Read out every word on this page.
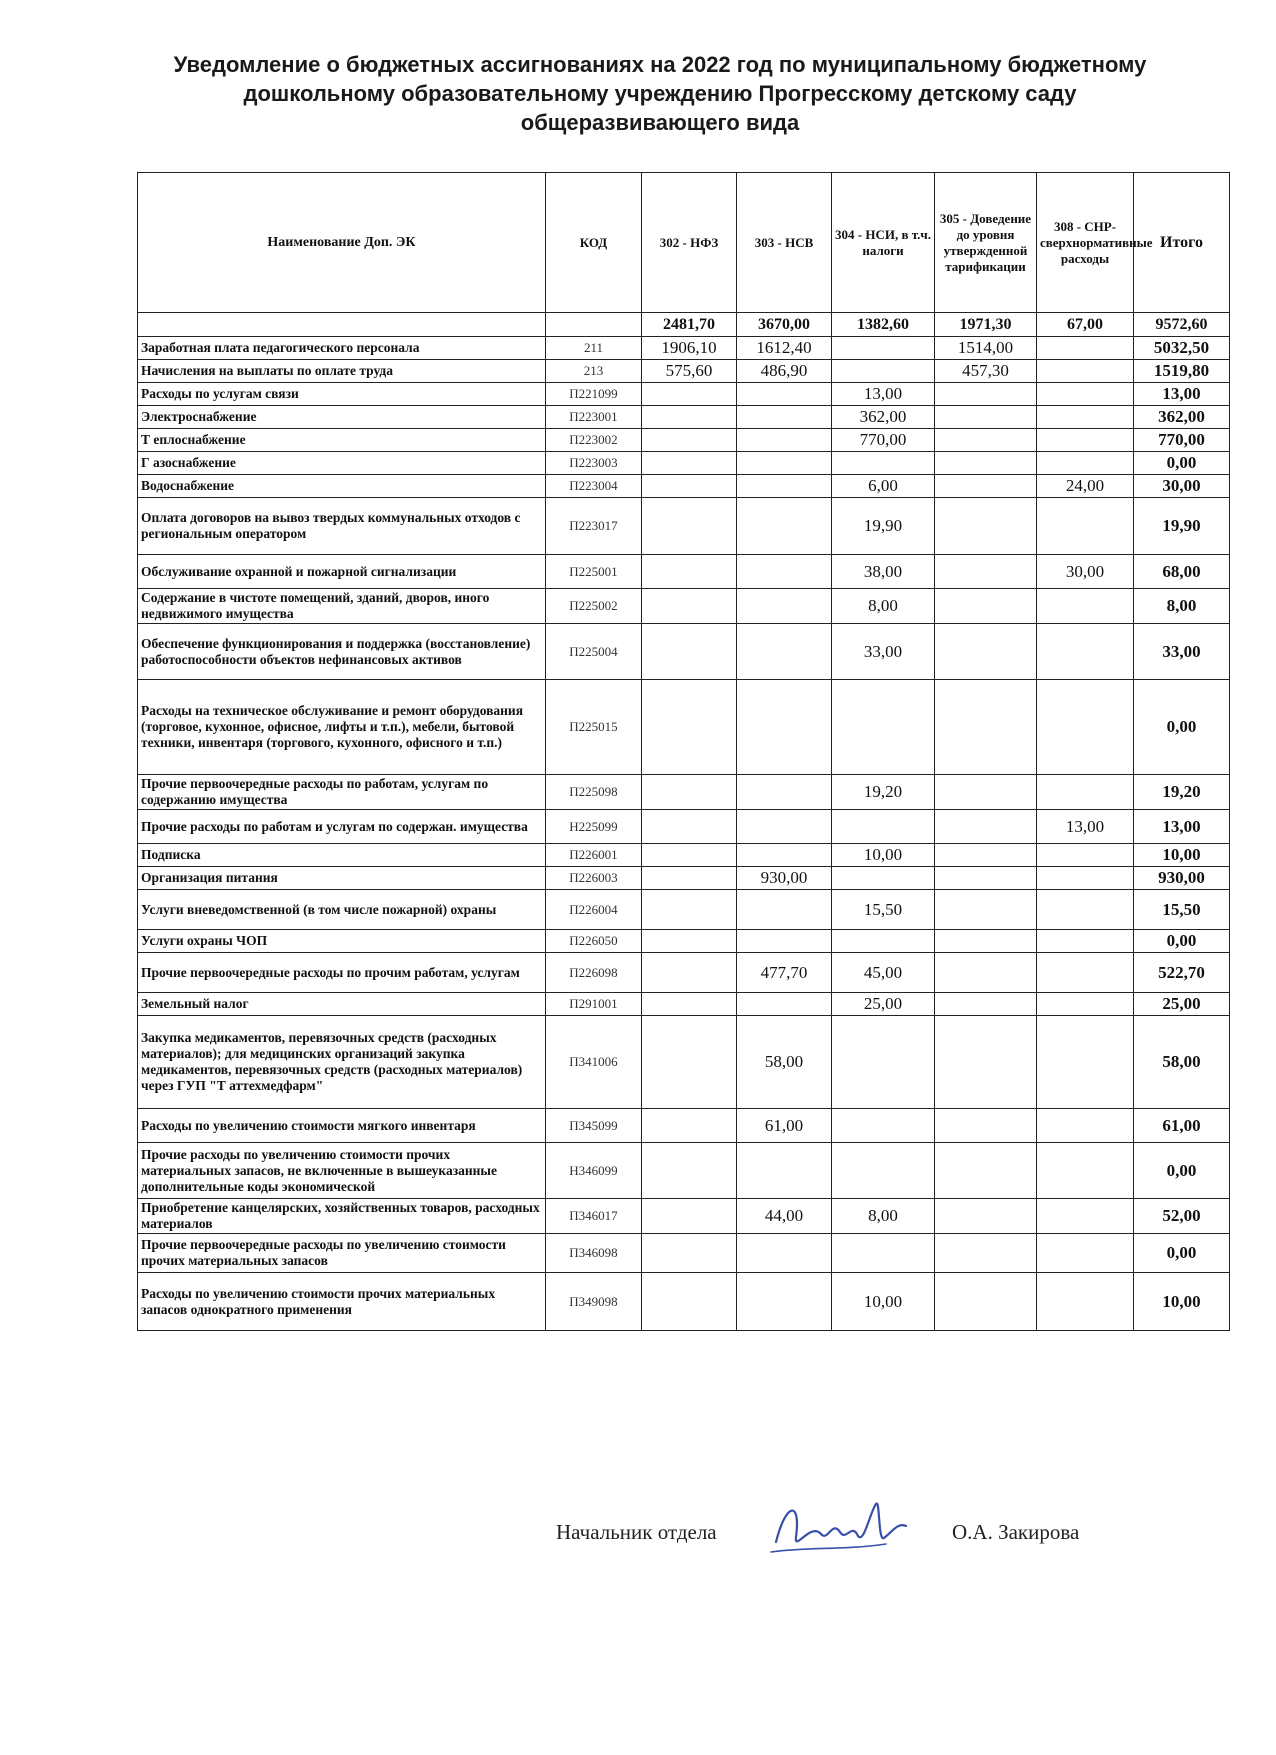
Уведомление о бюджетных ассигнованиях на 2022 год по муниципальному бюджетному
дошкольному образовательному учреждению Прогресскому детскому саду
общеразвивающего вида
Наименование Доп. ЭК	КОД	302 - НФЗ	303 - НСВ	304 - НСИ, в т.ч. налоги	305 - Доведение до уровня утвержденной тарификации	308 - СНР-сверхнормативные расходы	Итого
		2481,70	3670,00	1382,60	1971,30	67,00	9572,60
Заработная плата педагогического персонала	211	1906,10	1612,40		1514,00		5032,50
Начисления на выплаты по оплате труда	213	575,60	486,90		457,30		1519,80
Расходы по услугам связи	П221099			13,00			13,00
Электроснабжение	П223001			362,00			362,00
Т еплоснабжение	П223002			770,00			770,00
Г азоснабжение	П223003						0,00
Водоснабжение	П223004			6,00		24,00	30,00
Оплата договоров на вывоз твердых коммунальных отходов с региональным оператором	П223017			19,90			19,90
Обслуживание охранной и пожарной сигнализации	П225001			38,00		30,00	68,00
Содержание в чистоте помещений, зданий, дворов, иного недвижимого имущества	П225002			8,00			8,00
Обеспечение функционирования и поддержка (восстановление) работоспособности объектов нефинансовых активов	П225004			33,00			33,00
Расходы на техническое обслуживание и ремонт оборудования (торговое, кухонное, офисное, лифты и т.п.), мебели, бытовой техники, инвентаря (торгового, кухонного, офисного и т.п.)	П225015						0,00
Прочие первоочередные расходы по работам, услугам по содержанию имущества	П225098			19,20			19,20
Прочие расходы по работам и услугам по содержан. имущества	Н225099					13,00	13,00
Подписка	П226001			10,00			10,00
Организация питания	П226003		930,00				930,00
Услуги вневедомственной (в том числе пожарной) охраны	П226004			15,50			15,50
Услуги охраны ЧОП	П226050						0,00
Прочие первоочередные расходы по прочим работам, услугам	П226098		477,70	45,00			522,70
Земельный налог	П291001			25,00			25,00
Закупка медикаментов, перевязочных средств (расходных материалов); для медицинских организаций закупка медикаментов, перевязочных средств (расходных материалов) через ГУП "Т аттехмедфарм"	П341006		58,00				58,00
Расходы по увеличению стоимости мягкого инвентаря	П345099		61,00				61,00
Прочие расходы по увеличению стоимости прочих материальных запасов, не включенные в вышеуказанные дополнительные коды экономической	Н346099						0,00
Приобретение канцелярских, хозяйственных товаров, расходных материалов	П346017		44,00	8,00			52,00
Прочие первоочередные расходы по увеличению стоимости прочих материальных запасов	П346098						0,00
Расходы по увеличению стоимости прочих материальных запасов однократного применения	П349098			10,00			10,00
Начальник отдела	О.А. Закирова
